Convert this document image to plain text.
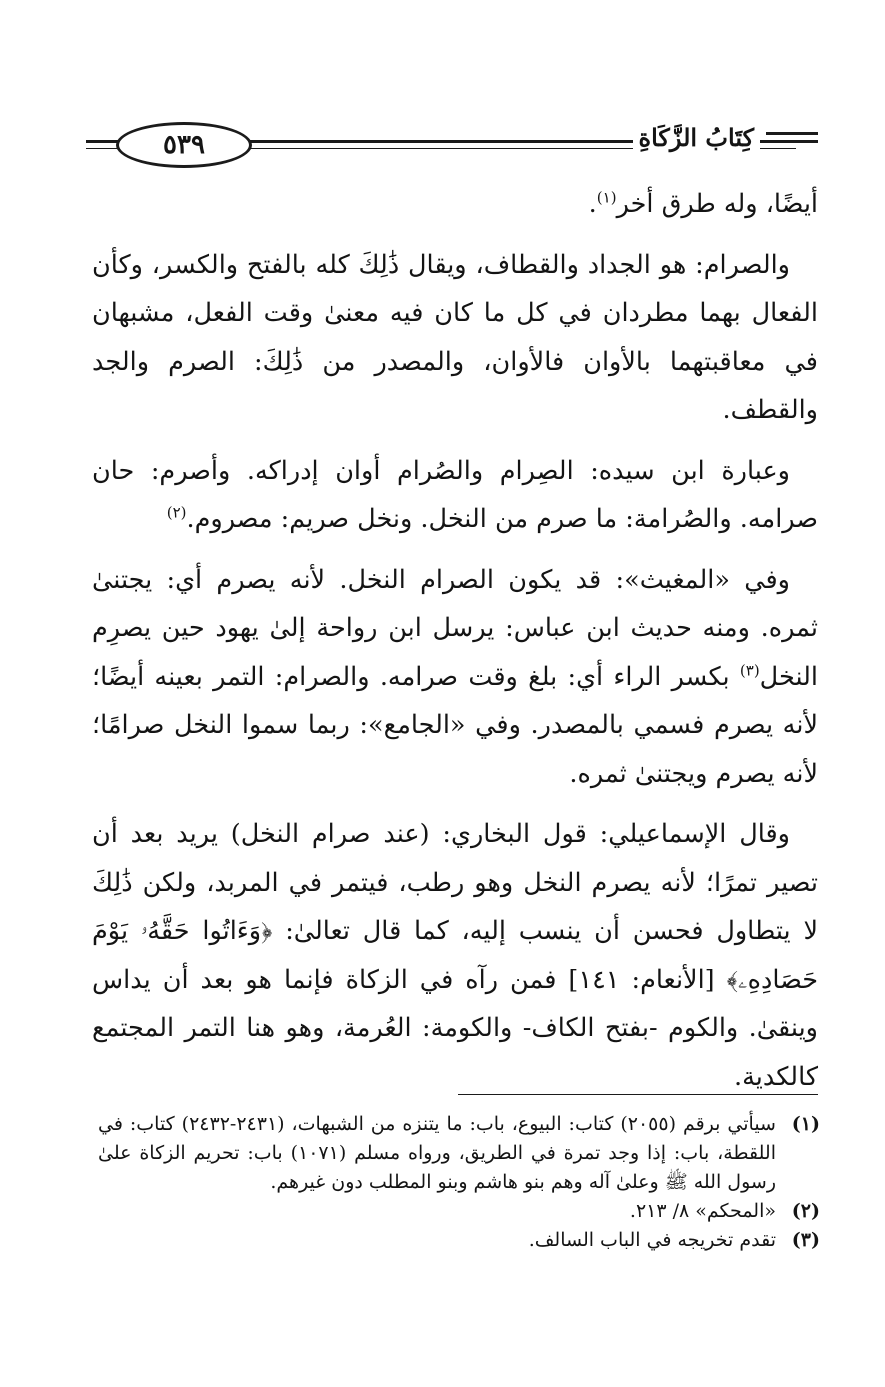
٥٣٩	كِتَابُ الزَّكَاةِ

أيضًا، وله طرق أخر$^{(١)}$.

والصرام: هو الجداد والقطاف، ويقال ذَٰلِكَ كله بالفتح والكسر، وكأن الفعال بهما مطردان في كل ما كان فيه معنىٰ وقت الفعل، مشبهان في معاقبتهما بالأوان فالأوان، والمصدر من ذَٰلِكَ: الصرم والجد والقطف.

وعبارة ابن سيده: الصِرام والصُرام أوان إدراكه. وأصرم: حان صرامه. والصُرامة: ما صرم من النخل. ونخل صريم: مصروم.$^{(٢)}$

وفي «المغيث»: قد يكون الصرام النخل. لأنه يصرم أي: يجتنىٰ ثمره. ومنه حديث ابن عباس: يرسل ابن رواحة إلىٰ يهود حين يصرِم النخل$^{(٣)}$ بكسر الراء أي: بلغ وقت صرامه. والصرام: التمر بعينه أيضًا؛ لأنه يصرم فسمي بالمصدر. وفي «الجامع»: ربما سموا النخل صرامًا؛ لأنه يصرم ويجتنىٰ ثمره.

وقال الإسماعيلي: قول البخاري: (عند صرام النخل) يريد بعد أن تصير تمرًا؛ لأنه يصرم النخل وهو رطب، فيتمر في المربد، ولكن ذَٰلِكَ لا يتطاول فحسن أن ينسب إليه، كما قال تعالىٰ: ﴿وَءَاتُوا حَقَّهُۥ يَوْمَ حَصَادِهِۦ﴾ [الأنعام: ١٤١] فمن رآه في الزكاة فإنما هو بعد أن يداس وينقىٰ. والكوم -بفتح الكاف- والكومة: العُرمة، وهو هنا التمر المجتمع كالكدية.

(١)
سيأتي برقم (٢٠٥٥) كتاب: البيوع، باب: ما يتنزه من الشبهات، (٢٤٣١-٢٤٣٢) كتاب: في اللقطة، باب: إذا وجد تمرة في الطريق، ورواه مسلم (١٠٧١) باب: تحريم الزكاة علىٰ رسول الله ﷺ وعلىٰ آله وهم بنو هاشم وبنو المطلب دون غيرهم.
(٢)
«المحكم» ٨/ ٢١٣.
(٣)
تقدم تخريجه في الباب السالف.
